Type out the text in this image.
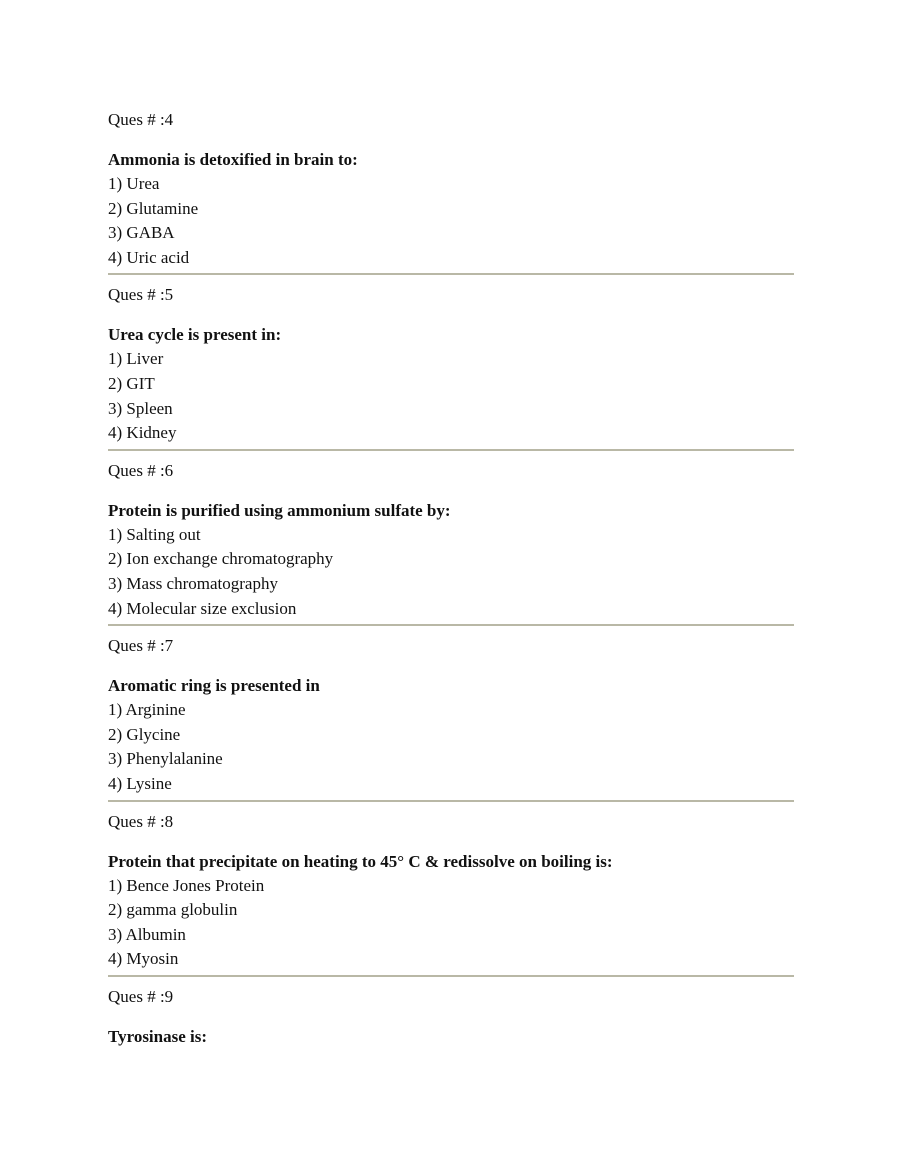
Ques # :4
Ammonia is detoxified in brain to:
1) Urea
2) Glutamine
3) GABA
4) Uric acid
Ques # :5
Urea cycle is present in:
1) Liver
2) GIT
3) Spleen
4) Kidney
Ques # :6
Protein is purified using ammonium sulfate by:
1) Salting out
2) Ion exchange chromatography
3) Mass chromatography
4) Molecular size exclusion
Ques # :7
Aromatic ring is presented in
1) Arginine
2) Glycine
3) Phenylalanine
4) Lysine
Ques # :8
Protein that precipitate on heating to 45° C & redissolve on boiling is:
1) Bence Jones Protein
2) gamma globulin
3) Albumin
4) Myosin
Ques # :9
Tyrosinase is:
